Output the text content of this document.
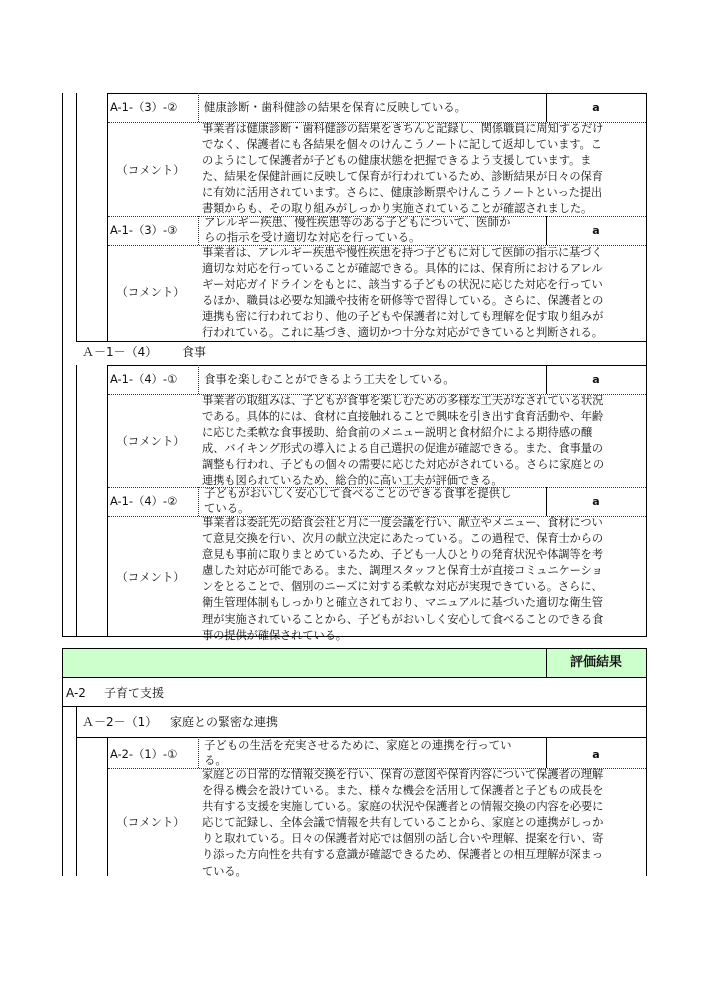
A-1-（3）-② 健康診断・歯科健診の結果を保育に反映している。	a
（コメント）
事業者は健康診断・歯科健診の結果をきちんと記録し、関係職員に周知するだけ
でなく、保護者にも各結果を個々のけんこうノートに記して返却しています。こ
のようにして保護者が子どもの健康状態を把握できるよう支援しています。ま
た、結果を保健計画に反映して保育が行われているため、診断結果が日々の保育
に有効に活用されています。さらに、健康診断票やけんこうノートといった提出
書類からも、その取り組みがしっかり実施されていることが確認されました。
A-1-（3）-③
アレルギー疾患、慢性疾患等のある子どもについて、医師か
らの指示を受け適切な対応を行っている。	a
（コメント）
事業者は、アレルギー疾患や慢性疾患を持つ子どもに対して医師の指示に基づく
適切な対応を行っていることが確認できる。具体的には、保育所におけるアレル
ギー対応ガイドラインをもとに、該当する子どもの状況に応じた対応を行ってい
るほか、職員は必要な知識や技術を研修等で習得している。さらに、保護者との
連携も密に行われており、他の子どもや保護者に対しても理解を促す取り組みが
行われている。これに基づき、適切かつ十分な対応ができていると判断される。
Ａ－1－（4） 食事
A-1-（4）-① 食事を楽しむことができるよう工夫をしている。	a
（コメント）
事業者の取組みは、子どもが食事を楽しむための多様な工夫がなされている状況
である。具体的には、食材に直接触れることで興味を引き出す食育活動や、年齢
に応じた柔軟な食事援助、給食前のメニュー説明と食材紹介による期待感の醸
成、バイキング形式の導入による自己選択の促進が確認できる。また、食事量の
調整も行われ、子どもの個々の需要に応じた対応がされている。さらに家庭との
連携も図られているため、総合的に高い工夫が評価できる。
A-1-（4）-②
子どもがおいしく安心して食べることのできる食事を提供し
ている。	a
（コメント）
事業者は委託先の給食会社と月に一度会議を行い、献立やメニュー、食材につい
て意見交換を行い、次月の献立決定にあたっている。この過程で、保育士からの
意見も事前に取りまとめているため、子ども一人ひとりの発育状況や体調等を考
慮した対応が可能である。また、調理スタッフと保育士が直接コミュニケーショ
ンをとることで、個別のニーズに対する柔軟な対応が実現できている。さらに、
衛生管理体制もしっかりと確立されており、マニュアルに基づいた適切な衛生管
理が実施されていることから、子どもがおいしく安心して食べることのできる食
事の提供が確保されている。
評価結果
A-2 子育て支援
Ａ－2－（1） 家庭との緊密な連携
A-2-（1）-①
子どもの生活を充実させるために、家庭との連携を行ってい
る。	a
（コメント）
家庭との日常的な情報交換を行い、保育の意図や保育内容について保護者の理解
を得る機会を設けている。また、様々な機会を活用して保護者と子どもの成長を
共有する支援を実施している。家庭の状況や保護者との情報交換の内容を必要に
応じて記録し、全体会議で情報を共有していることから、家庭との連携がしっか
りと取れている。日々の保護者対応では個別の話し合いや理解、提案を行い、寄
り添った方向性を共有する意識が確認できるため、保護者との相互理解が深まっ
ている。
